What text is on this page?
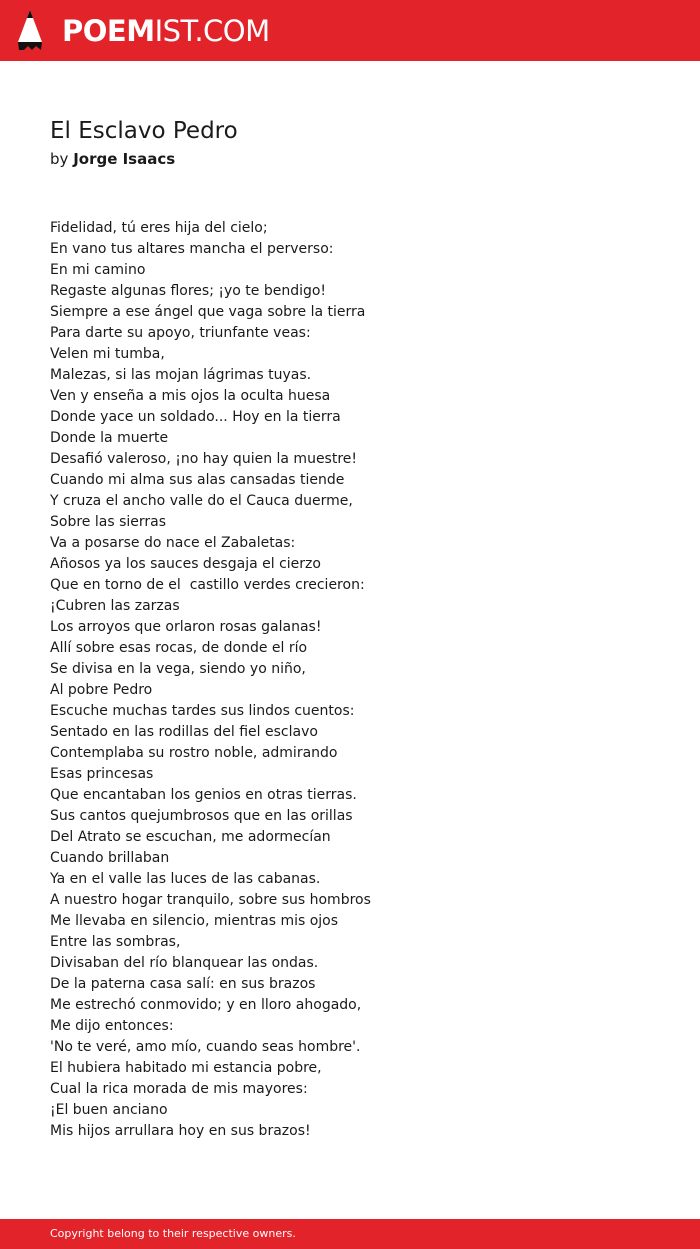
POEMIST.COM
El Esclavo Pedro
by Jorge Isaacs
Fidelidad, tú eres hija del cielo;
En vano tus altares mancha el perverso:
En mi camino
Regaste algunas flores; ¡yo te bendigo!
Siempre a ese ángel que vaga sobre la tierra
Para darte su apoyo, triunfante veas:
Velen mi tumba,
Malezas, si las mojan lágrimas tuyas.
Ven y enseña a mis ojos la oculta huesa
Donde yace un soldado... Hoy en la tierra
Donde la muerte
Desafió valeroso, ¡no hay quien la muestre!
Cuando mi alma sus alas cansadas tiende
Y cruza el ancho valle do el Cauca duerme,
Sobre las sierras
Va a posarse do nace el Zabaletas:
Añosos ya los sauces desgaja el cierzo
Que en torno de el  castillo verdes crecieron:
¡Cubren las zarzas
Los arroyos que orlaron rosas galanas!
Allí sobre esas rocas, de donde el río
Se divisa en la vega, siendo yo niño,
Al pobre Pedro
Escuche muchas tardes sus lindos cuentos:
Sentado en las rodillas del fiel esclavo
Contemplaba su rostro noble, admirando
Esas princesas
Que encantaban los genios en otras tierras.
Sus cantos quejumbrosos que en las orillas
Del Atrato se escuchan, me adormecían
Cuando brillaban
Ya en el valle las luces de las cabanas.
A nuestro hogar tranquilo, sobre sus hombros
Me llevaba en silencio, mientras mis ojos
Entre las sombras,
Divisaban del río blanquear las ondas.
De la paterna casa salí: en sus brazos
Me estrechó conmovido; y en lloro ahogado,
Me dijo entonces:
'No te veré, amo mío, cuando seas hombre'.
El hubiera habitado mi estancia pobre,
Cual la rica morada de mis mayores:
¡El buen anciano
Mis hijos arrullara hoy en sus brazos!
Copyright belong to their respective owners.
